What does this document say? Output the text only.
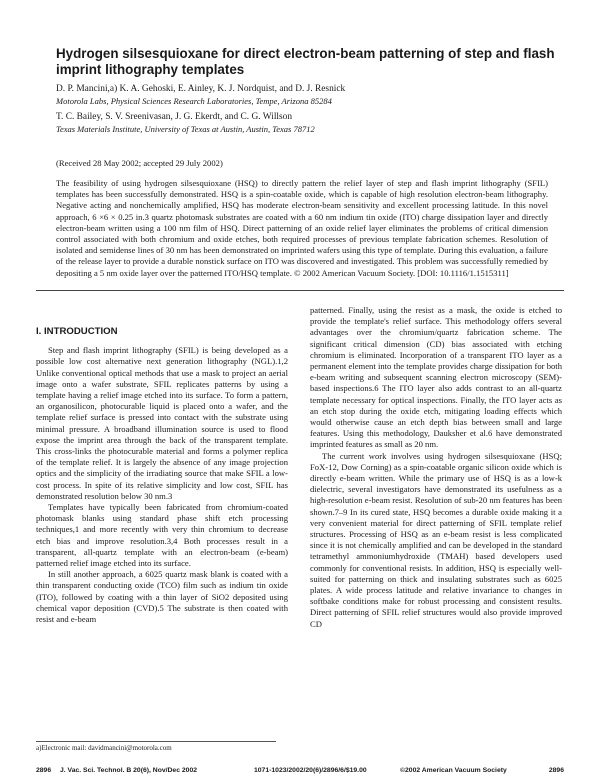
Hydrogen silsesquioxane for direct electron-beam patterning of step and flash imprint lithography templates
D. P. Mancini,a) K. A. Gehoski, E. Ainley, K. J. Nordquist, and D. J. Resnick
Motorola Labs, Physical Sciences Research Laboratories, Tempe, Arizona 85284
T. C. Bailey, S. V. Sreenivasan, J. G. Ekerdt, and C. G. Willson
Texas Materials Institute, University of Texas at Austin, Austin, Texas 78712
(Received 28 May 2002; accepted 29 July 2002)

The feasibility of using hydrogen silsesquioxane (HSQ) to directly pattern the relief layer of step and flash imprint lithography (SFIL) templates has been successfully demonstrated. HSQ is a spin-coatable oxide, which is capable of high resolution electron-beam lithography. Negative acting and nonchemically amplified, HSQ has moderate electron-beam sensitivity and excellent processing latitude. In this novel approach, 6 ×6 × 0.25 in.3 quartz photomask substrates are coated with a 60 nm indium tin oxide (ITO) charge dissipation layer and directly electron-beam written using a 100 nm film of HSQ. Direct patterning of an oxide relief layer eliminates the problems of critical dimension control associated with both chromium and oxide etches, both required processes of previous template fabrication schemes. Resolution of isolated and semidense lines of 30 nm has been demonstrated on imprinted wafers using this type of template. During this evaluation, a failure of the release layer to provide a durable nonstick surface on ITO was discovered and investigated. This problem was successfully remedied by depositing a 5 nm oxide layer over the patterned ITO/HSQ template. © 2002 American Vacuum Society. [DOI: 10.1116/1.1515311]

I. INTRODUCTION

Step and flash imprint lithography (SFIL) is being developed as a possible low cost alternative next generation lithography (NGL).1,2 Unlike conventional optical methods that use a mask to project an aerial image onto a wafer substrate, SFIL replicates patterns by using a template having a relief image etched into its surface. To form a pattern, an organosilicon, photocurable liquid is placed onto a wafer, and the template relief surface is pressed into contact with the substrate using minimal pressure. A broadband illumination source is used to flood expose the imprint area through the back of the transparent template. This cross-links the photocurable material and forms a polymer replica of the template relief. It is largely the absence of any image projection optics and the simplicity of the irradiating source that make SFIL a low-cost process. In spite of its relative simplicity and low cost, SFIL has demonstrated resolution below 30 nm.3

Templates have typically been fabricated from chromium-coated photomask blanks using standard phase shift etch processing techniques,1 and more recently with very thin chromium to decrease etch bias and improve resolution.3,4 Both processes result in a transparent, all-quartz template with an electron-beam (e-beam) patterned relief image etched into its surface.

In still another approach, a 6025 quartz mask blank is coated with a thin transparent conducting oxide (TCO) film such as indium tin oxide (ITO), followed by coating with a thin layer of SiO2 deposited using chemical vapor deposition (CVD).5 The substrate is then coated with resist and e-beam

patterned. Finally, using the resist as a mask, the oxide is etched to provide the template's relief surface. This methodology offers several advantages over the chromium/quartz fabrication scheme. The significant critical dimension (CD) bias associated with etching chromium is eliminated. Incorporation of a transparent ITO layer as a permanent element into the template provides charge dissipation for both e-beam writing and subsequent scanning electron microscopy (SEM)-based inspections.6 The ITO layer also adds contrast to an all-quartz template necessary for optical inspections. Finally, the ITO layer acts as an etch stop during the oxide etch, mitigating loading effects which would otherwise cause an etch depth bias between small and large features. Using this methodology, Dauksher et al.6 have demonstrated imprinted features as small as 20 nm.

The current work involves using hydrogen silsesquioxane (HSQ; FoX-12, Dow Corning) as a spin-coatable organic silicon oxide which is directly e-beam written. While the primary use of HSQ is as a low-k dielectric, several investigators have demonstrated its usefulness as a high-resolution e-beam resist. Resolution of sub-20 nm features has been shown.7–9 In its cured state, HSQ becomes a durable oxide making it a very convenient material for direct patterning of SFIL template relief structures. Processing of HSQ as an e-beam resist is less complicated since it is not chemically amplified and can be developed in the standard tetramethyl ammoniumhydroxide (TMAH) based developers used commonly for conventional resists. In addition, HSQ is especially well-suited for patterning on thick and insulating substrates such as 6025 plates. A wide process latitude and relative invariance to changes in softbake conditions make for robust processing and consistent results. Direct patterning of SFIL relief structures would also provide improved CD

a)Electronic mail: davidmancini@motorola.com
2896 J. Vac. Sci. Technol. B 20(6), Nov/Dec 2002	1071-1023/2002/20(6)/2896/6/$19.00	©2002 American Vacuum Society	2896
